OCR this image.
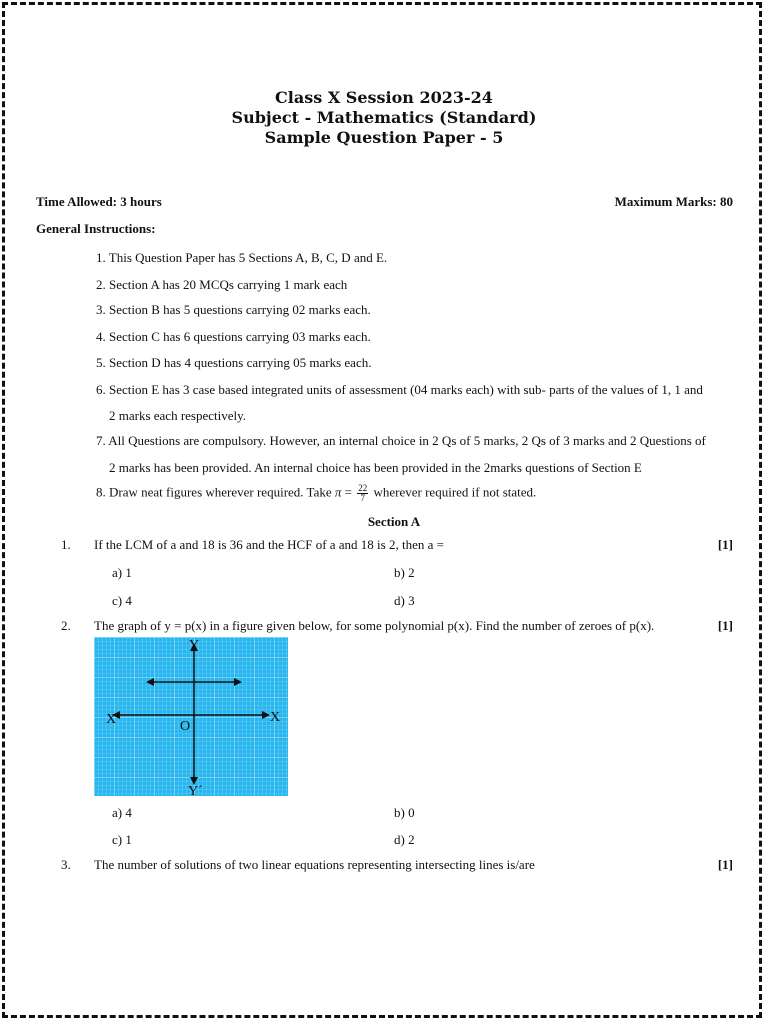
Class X Session 2023-24
Subject - Mathematics (Standard)
Sample Question Paper - 5
Time Allowed: 3 hours	Maximum Marks: 80
General Instructions:
1. This Question Paper has 5 Sections A, B, C, D and E.
2. Section A has 20 MCQs carrying 1 mark each
3. Section B has 5 questions carrying 02 marks each.
4. Section C has 6 questions carrying 03 marks each.
5. Section D has 4 questions carrying 05 marks each.
6. Section E has 3 case based integrated units of assessment (04 marks each) with sub- parts of the values of 1, 1 and
2 marks each respectively.
7. All Questions are compulsory. However, an internal choice in 2 Qs of 5 marks, 2 Qs of 3 marks and 2 Questions of
2 marks has been provided. An internal choice has been provided in the 2marks questions of Section E
8. Draw neat figures wherever required. Take $\pi = \frac{22}{7}$ wherever required if not stated.
Section A
1. If the LCM of a and 18 is 36 and the HCF of a and 18 is 2, then a =	[1]
a) 1	b) 2
c) 4	d) 3
2. The graph of y = p(x) in a figure given below, for some polynomial p(x). Find the number of zeroes of p(x).	[1]
Y
Y´
X
X´	O
a) 4	b) 0
c) 1	d) 2
3. The number of solutions of two linear equations representing intersecting lines is/are	[1]
